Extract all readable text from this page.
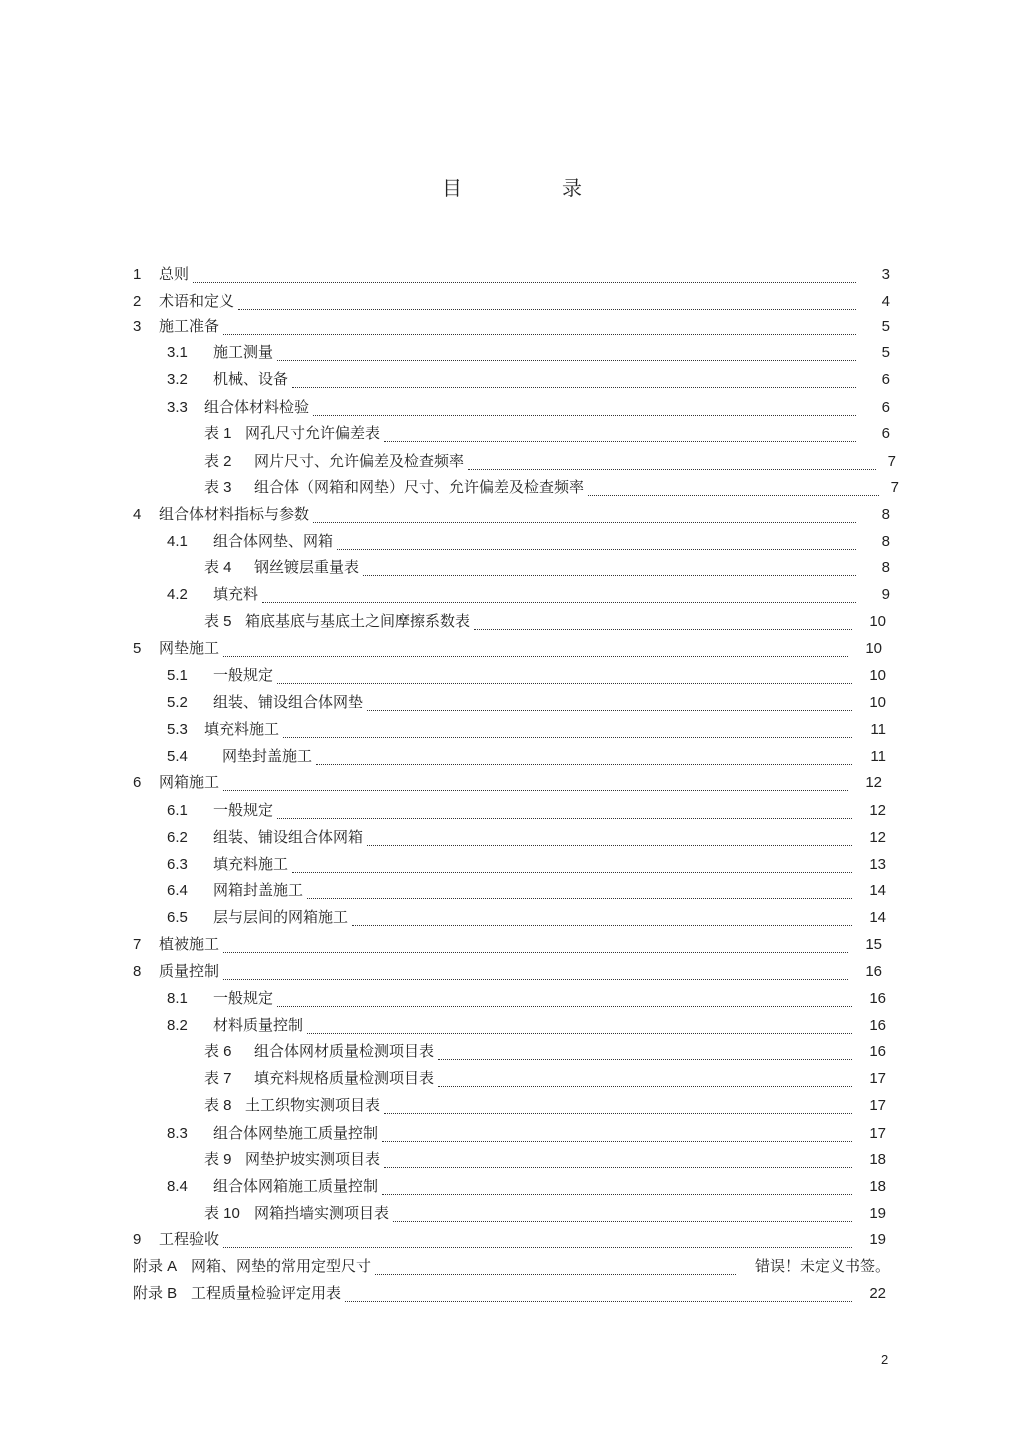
目　录
1	总则	3
2	术语和定义	4
3	施工准备	5
3.1	施工测量	5
3.2	机械、设备	6
3.3	组合体材料检验	6
表 1 网孔尺寸允许偏差表	6
表 2	网片尺寸、允许偏差及检查频率	7
表 3	组合体（网箱和网垫）尺寸、允许偏差及检查频率	7
4	组合体材料指标与参数	8
4.1	组合体网垫、网箱	8
表 4	钢丝镀层重量表	8
4.2	填充料	9
表 5 箱底基底与基底土之间摩擦系数表	10
5	网垫施工	10
5.1	一般规定	10
5.2	组装、铺设组合体网垫	10
5.3	填充料施工	11
5.4	网垫封盖施工	11
6	网箱施工	12
6.1	一般规定	12
6.2	组装、铺设组合体网箱	12
6.3	填充料施工	13
6.4	网箱封盖施工	14
6.5	层与层间的网箱施工	14
7	植被施工	15
8	质量控制	16
8.1	一般规定	16
8.2	材料质量控制	16
表 6	组合体网材质量检测项目表	16
表 7	填充料规格质量检测项目表	17
表 8 土工织物实测项目表	17
8.3	组合体网垫施工质量控制	17
表 9 网垫护坡实测项目表	18
8.4	组合体网箱施工质量控制	18
表 10 网箱挡墙实测项目表	19
9	工程验收	19
附录 A 网箱、网垫的常用定型尺寸	错误！未定义书签。
附录 B 工程质量检验评定用表	22
2
